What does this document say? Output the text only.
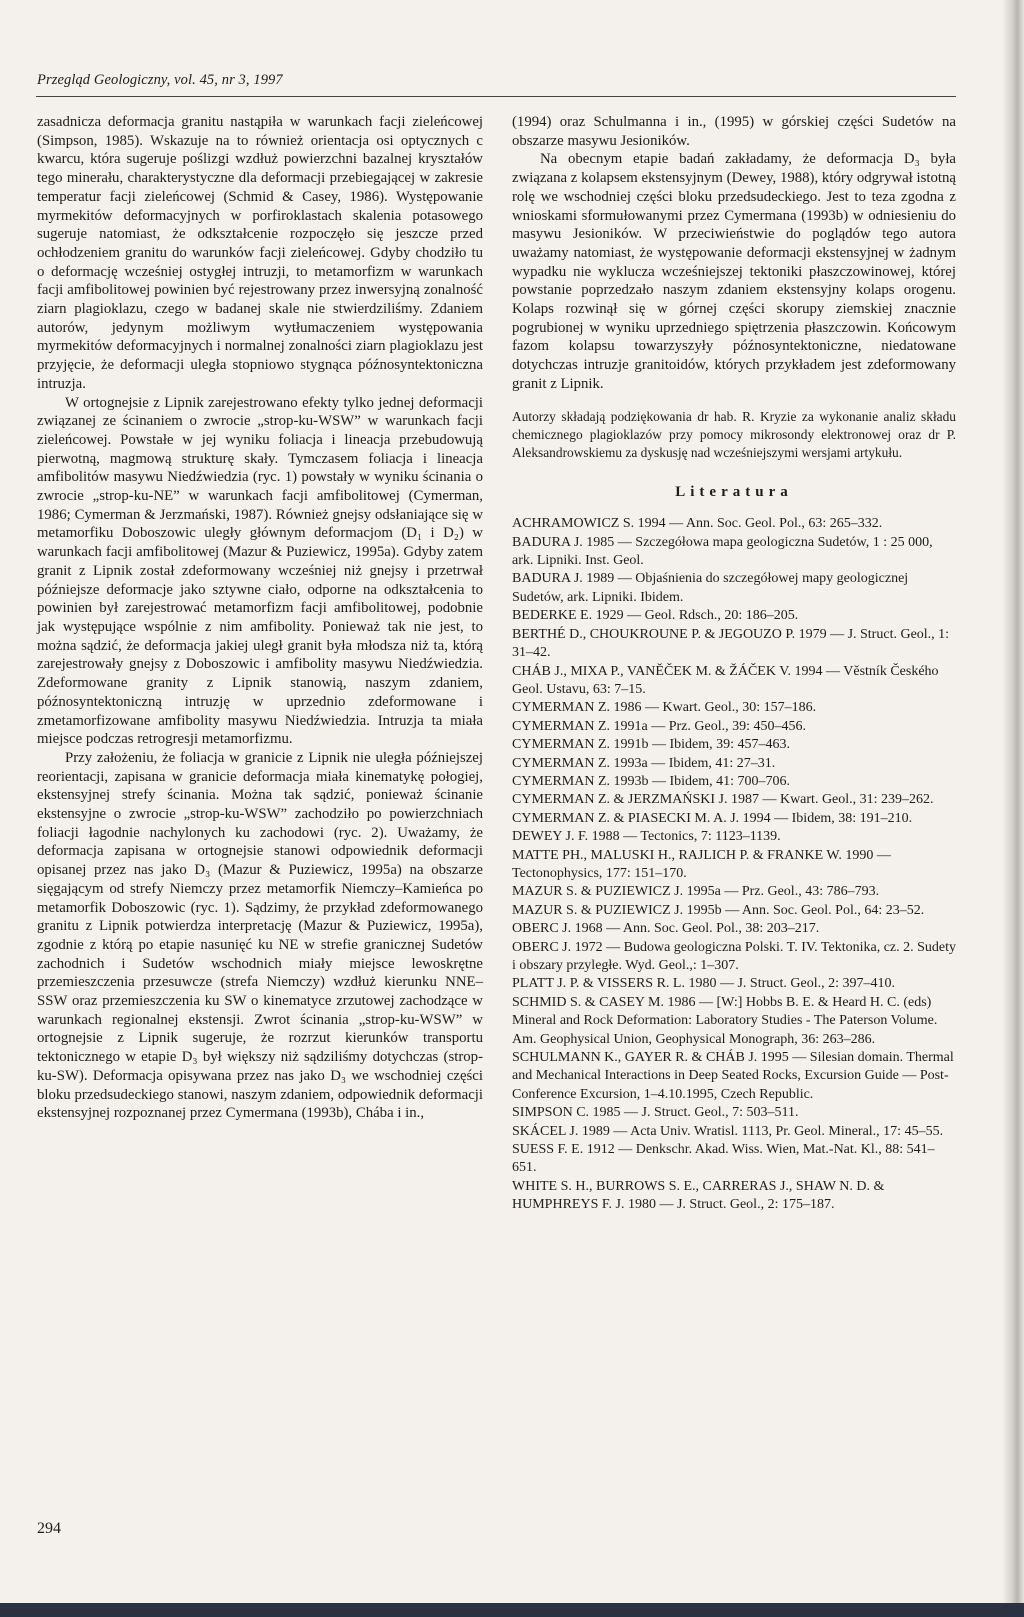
Przegląd Geologiczny, vol. 45, nr 3, 1997

zasadnicza deformacja granitu nastąpiła w warunkach facji zieleńcowej (Simpson, 1985). Wskazuje na to również orientacja osi optycznych c kwarcu, która sugeruje poślizgi wzdłuż powierzchni bazalnej kryształów tego minerału, charakterystyczne dla deformacji przebiegającej w zakresie temperatur facji zieleńcowej (Schmid & Casey, 1986). Występowanie myrmekitów deformacyjnych w porfiroklastach skalenia potasowego sugeruje natomiast, że odkształcenie rozpoczęło się jeszcze przed ochłodzeniem granitu do warunków facji zieleńcowej. Gdyby chodziło tu o deformację wcześniej ostygłej intruzji, to metamorfizm w warunkach facji amfibolitowej powinien być rejestrowany przez inwersyjną zonalność ziarn plagioklazu, czego w badanej skale nie stwierdziliśmy. Zdaniem autorów, jedynym możliwym wytłumaczeniem występowania myrmekitów deformacyjnych i normalnej zonalności ziarn plagioklazu jest przyjęcie, że deformacji uległa stopniowo stygnąca późnosyntektoniczna intruzja.

W ortognejsie z Lipnik zarejestrowano efekty tylko jednej deformacji związanej ze ścinaniem o zwrocie „strop-ku-WSW” w warunkach facji zieleńcowej. Powstałe w jej wyniku foliacja i lineacja przebudowują pierwotną, magmową strukturę skały. Tymczasem foliacja i lineacja amfibolitów masywu Niedźwiedzia (ryc. 1) powstały w wyniku ścinania o zwrocie „strop-ku-NE” w warunkach facji amfibolitowej (Cymerman, 1986; Cymerman & Jerzmański, 1987). Również gnejsy odsłaniające się w metamorfiku Doboszowic uległy głównym deformacjom (D₁ i D₂) w warunkach facji amfibolitowej (Mazur & Puziewicz, 1995a). Gdyby zatem granit z Lipnik został zdeformowany wcześniej niż gnejsy i przetrwał późniejsze deformacje jako sztywne ciało, odporne na odkształcenia to powinien był zarejestrować metamorfizm facji amfibolitowej, podobnie jak występujące wspólnie z nim amfibolity. Ponieważ tak nie jest, to można sądzić, że deformacja jakiej uległ granit była młodsza niż ta, którą zarejestrowały gnejsy z Doboszowic i amfibolity masywu Niedźwiedzia. Zdeformowane granity z Lipnik stanowią, naszym zdaniem, późnosyntektoniczną intruzję w uprzednio zdeformowane i zmetamorfizowane amfibolity masywu Niedźwiedzia. Intruzja ta miała miejsce podczas retrogresji metamorfizmu.

Przy założeniu, że foliacja w granicie z Lipnik nie uległa późniejszej reorientacji, zapisana w granicie deformacja miała kinematykę połogiej, ekstensyjnej strefy ścinania. Można tak sądzić, ponieważ ścinanie ekstensyjne o zwrocie „strop-ku-WSW” zachodziło po powierzchniach foliacji łagodnie nachylonych ku zachodowi (ryc. 2). Uważamy, że deformacja zapisana w ortognejsie stanowi odpowiednik deformacji opisanej przez nas jako D₃ (Mazur & Puziewicz, 1995a) na obszarze sięgającym od strefy Niemczy przez metamorfik Niemczy–Kamieńca po metamorfik Doboszowic (ryc. 1). Sądzimy, że przykład zdeformowanego granitu z Lipnik potwierdza interpretację (Mazur & Puziewicz, 1995a), zgodnie z którą po etapie nasunięć ku NE w strefie granicznej Sudetów zachodnich i Sudetów wschodnich miały miejsce lewoskrętne przemieszczenia przesuwcze (strefa Niemczy) wzdłuż kierunku NNE–SSW oraz przemieszczenia ku SW o kinematyce zrzutowej zachodzące w warunkach regionalnej ekstensji. Zwrot ścinania „strop-ku-WSW” w ortognejsie z Lipnik sugeruje, że rozrzut kierunków transportu tektonicznego w etapie D₃ był większy niż sądziliśmy dotychczas (strop-ku-SW). Deformacja opisywana przez nas jako D₃ we wschodniej części bloku przedsudeckiego stanowi, naszym zdaniem, odpowiednik deformacji ekstensyjnej rozpoznanej przez Cymermana (1993b), Chába i in.,

(1994) oraz Schulmanna i in., (1995) w górskiej części Sudetów na obszarze masywu Jesioników.

Na obecnym etapie badań zakładamy, że deformacja D₃ była związana z kolapsem ekstensyjnym (Dewey, 1988), który odgrywał istotną rolę we wschodniej części bloku przedsudeckiego. Jest to teza zgodna z wnioskami sformułowanymi przez Cymermana (1993b) w odniesieniu do masywu Jesioników. W przeciwieństwie do poglądów tego autora uważamy natomiast, że występowanie deformacji ekstensyjnej w żadnym wypadku nie wyklucza wcześniejszej tektoniki płaszczowinowej, której powstanie poprzedzało naszym zdaniem ekstensyjny kolaps orogenu. Kolaps rozwinął się w górnej części skorupy ziemskiej znacznie pogrubionej w wyniku uprzedniego spiętrzenia płaszczowin. Końcowym fazom kolapsu towarzyszyły późnosyntektoniczne, niedatowane dotychczas intruzje granitoidów, których przykładem jest zdeformowany granit z Lipnik.

Autorzy składają podziękowania dr hab. R. Kryzie za wykonanie analiz składu chemicznego plagioklazów przy pomocy mikrosondy elektronowej oraz dr P. Aleksandrowskiemu za dyskusję nad wcześniejszymi wersjami artykułu.

Literatura
ACHRAMOWICZ S. 1994 — Ann. Soc. Geol. Pol., 63: 265–332.
BADURA J. 1985 — Szczegółowa mapa geologiczna Sudetów, 1 : 25 000, ark. Lipniki. Inst. Geol.
BADURA J. 1989 — Objaśnienia do szczegółowej mapy geologicznej Sudetów, ark. Lipniki. Ibidem.
BEDERKE E. 1929 — Geol. Rdsch., 20: 186–205.
BERTHÉ D., CHOUKROUNE P. & JEGOUZO P. 1979 — J. Struct. Geol., 1: 31–42.
CHÁB J., MIXA P., VANĚČEK M. & ŽÁČEK V. 1994 — Věstník Českého Geol. Ustavu, 63: 7–15.
CYMERMAN Z. 1986 — Kwart. Geol., 30: 157–186.
CYMERMAN Z. 1991a — Prz. Geol., 39: 450–456.
CYMERMAN Z. 1991b — Ibidem, 39: 457–463.
CYMERMAN Z. 1993a — Ibidem, 41: 27–31.
CYMERMAN Z. 1993b — Ibidem, 41: 700–706.
CYMERMAN Z. & JERZMAŃSKI J. 1987 — Kwart. Geol., 31: 239–262.
CYMERMAN Z. & PIASECKI M. A. J. 1994 — Ibidem, 38: 191–210.
DEWEY J. F. 1988 — Tectonics, 7: 1123–1139.
MATTE PH., MALUSKI H., RAJLICH P. & FRANKE W. 1990 — Tectonophysics, 177: 151–170.
MAZUR S. & PUZIEWICZ J. 1995a — Prz. Geol., 43: 786–793.
MAZUR S. & PUZIEWICZ J. 1995b — Ann. Soc. Geol. Pol., 64: 23–52.
OBERC J. 1968 — Ann. Soc. Geol. Pol., 38: 203–217.
OBERC J. 1972 — Budowa geologiczna Polski. T. IV. Tektonika, cz. 2. Sudety i obszary przyległe. Wyd. Geol.,: 1–307.
PLATT J. P. & VISSERS R. L. 1980 — J. Struct. Geol., 2: 397–410.
SCHMID S. & CASEY M. 1986 — [W:] Hobbs B. E. & Heard H. C. (eds) Mineral and Rock Deformation: Laboratory Studies - The Paterson Volume. Am. Geophysical Union, Geophysical Monograph, 36: 263–286.
SCHULMANN K., GAYER R. & CHÁB J. 1995 — Silesian domain. Thermal and Mechanical Interactions in Deep Seated Rocks, Excursion Guide — Post-Conference Excursion, 1–4.10.1995, Czech Republic.
SIMPSON C. 1985 — J. Struct. Geol., 7: 503–511.
SKÁCEL J. 1989 — Acta Univ. Wratisl. 1113, Pr. Geol. Mineral., 17: 45–55.
SUESS F. E. 1912 — Denkschr. Akad. Wiss. Wien, Mat.-Nat. Kl., 88: 541–651.
WHITE S. H., BURROWS S. E., CARRERAS J., SHAW N. D. & HUMPHREYS F. J. 1980 — J. Struct. Geol., 2: 175–187.
294
